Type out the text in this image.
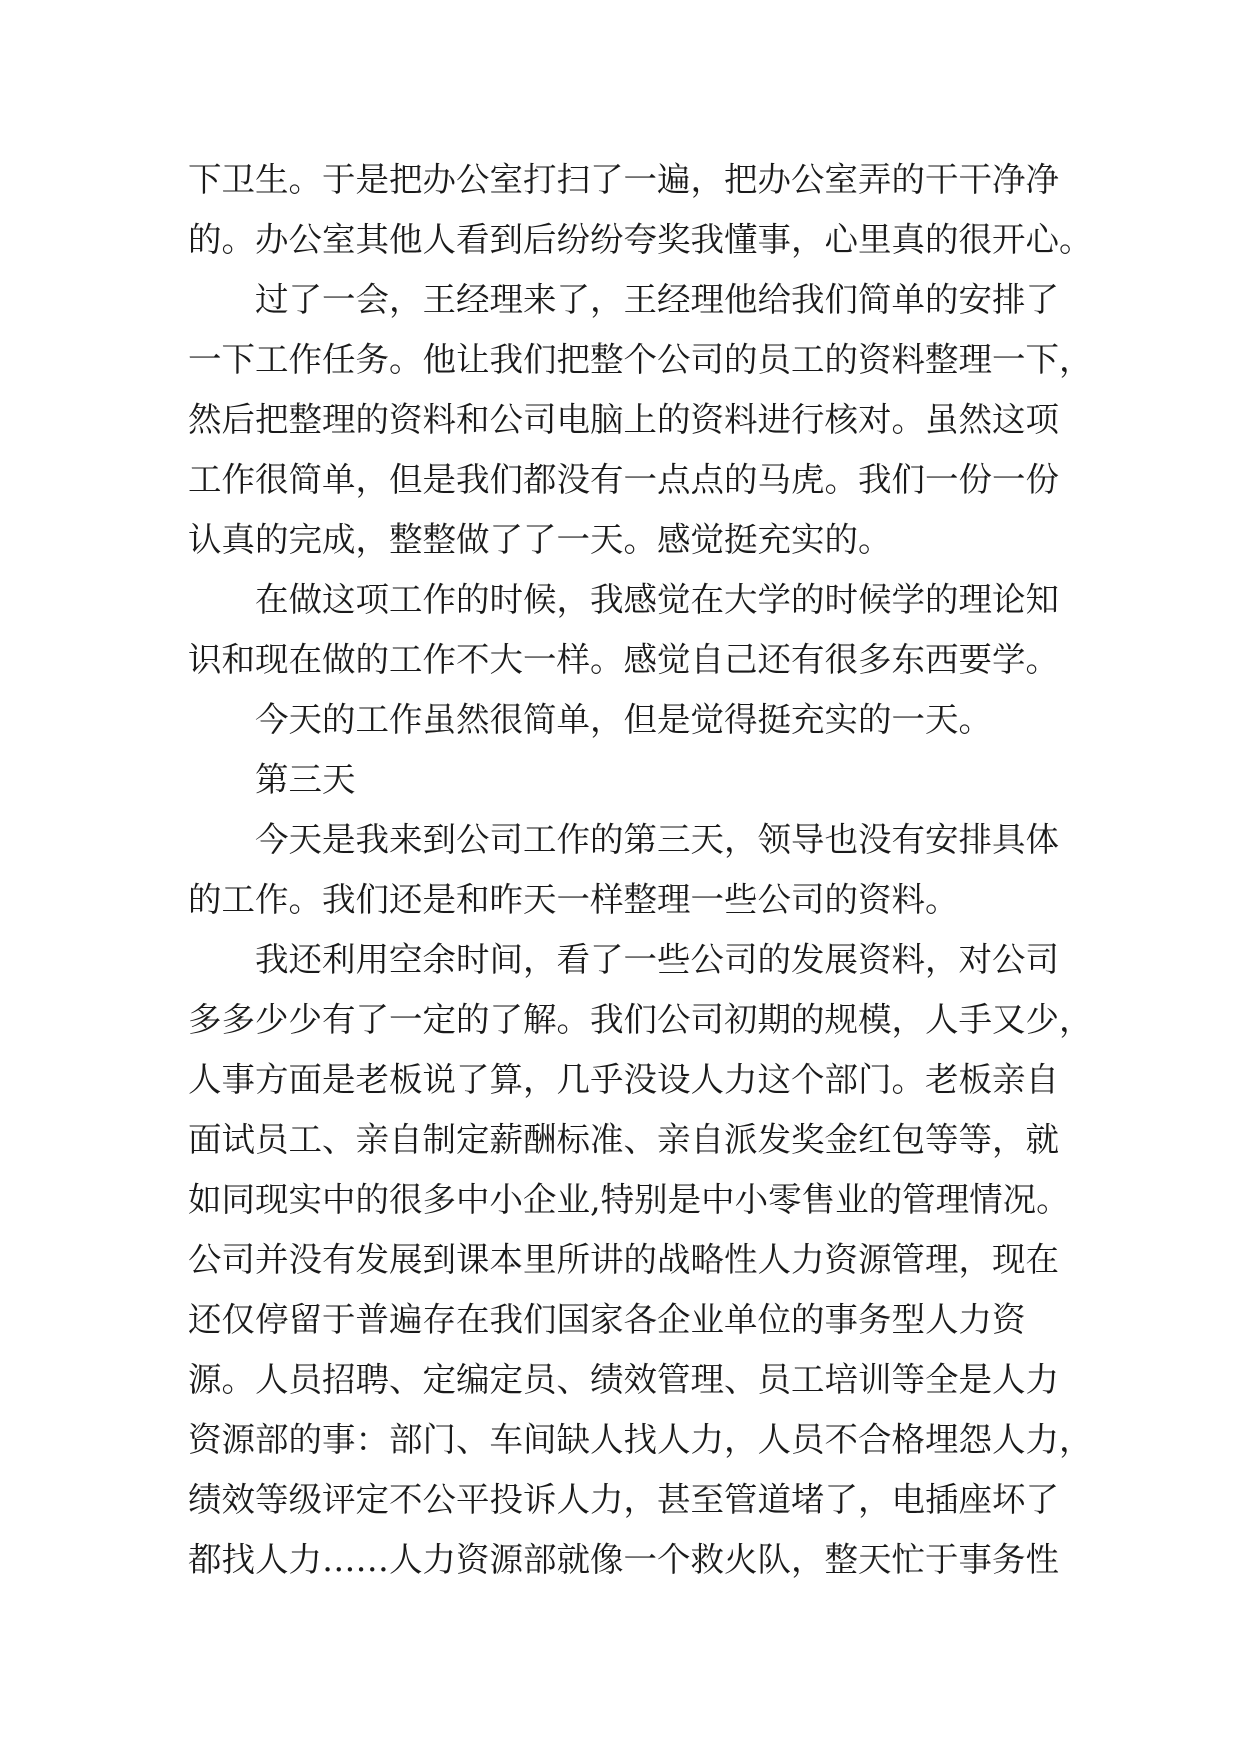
下卫生。于是把办公室打扫了一遍，把办公室弄的干干净净
的。办公室其他人看到后纷纷夸奖我懂事，心里真的很开心。
过了一会，王经理来了，王经理他给我们简单的安排了
一下工作任务。他让我们把整个公司的员工的资料整理一下，
然后把整理的资料和公司电脑上的资料进行核对。虽然这项
工作很简单，但是我们都没有一点点的马虎。我们一份一份
认真的完成，整整做了了一天。感觉挺充实的。
在做这项工作的时候，我感觉在大学的时候学的理论知
识和现在做的工作不大一样。感觉自己还有很多东西要学。
今天的工作虽然很简单，但是觉得挺充实的一天。
第三天
今天是我来到公司工作的第三天，领导也没有安排具体
的工作。我们还是和昨天一样整理一些公司的资料。
我还利用空余时间，看了一些公司的发展资料，对公司
多多少少有了一定的了解。我们公司初期的规模，人手又少，
人事方面是老板说了算，几乎没设人力这个部门。老板亲自
面试员工、亲自制定薪酬标准、亲自派发奖金红包等等，就
如同现实中的很多中小企业,特别是中小零售业的管理情况。
公司并没有发展到课本里所讲的战略性人力资源管理，现在
还仅停留于普遍存在我们国家各企业单位的事务型人力资
源。人员招聘、定编定员、绩效管理、员工培训等全是人力
资源部的事：部门、车间缺人找人力，人员不合格埋怨人力，
绩效等级评定不公平投诉人力，甚至管道堵了，电插座坏了
都找人力……人力资源部就像一个救火队，整天忙于事务性
